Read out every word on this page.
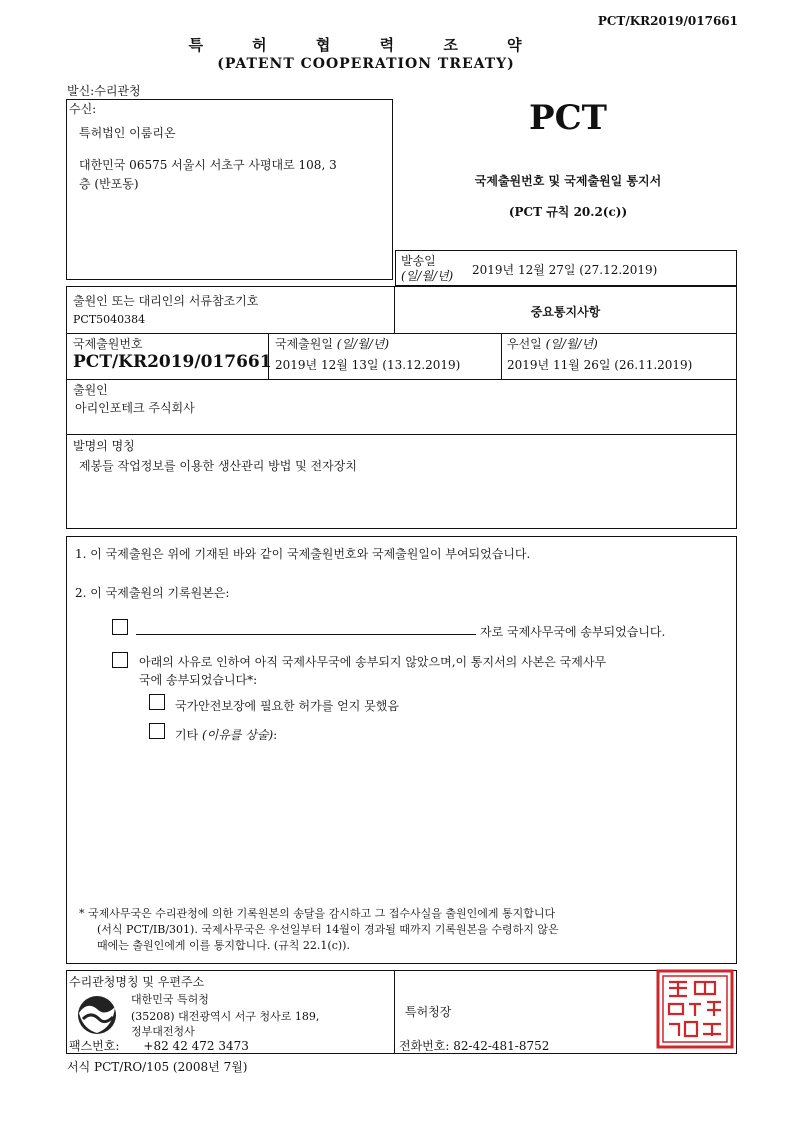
PCT/KR2019/017661
특 허 협 력 조 약
(PATENT COOPERATION TREATY)
발신:수리관청
수신:
특허법인 이룸리온
대한민국 06575 서울시 서초구 사평대로 108, 3
층 (반포동)
PCT
국제출원번호 및 국제출원일 통지서
(PCT 규칙 20.2(c))
발송일
(일/월/년) 2019년 12월 27일 (27.12.2019)
출원인 또는 대리인의 서류참조기호
PCT5040384
중요통지사항
국제출원번호
PCT/KR2019/017661
국제출원일 (일/월/년)
2019년 12월 13일 (13.12.2019)
우선일 (일/월/년)
2019년 11월 26일 (26.11.2019)
출원인
아리인포테크 주식회사
발명의 명칭
제봉들 작업정보를 이용한 생산관리 방법 및 전자장치
1. 이 국제출원은 위에 기재된 바와 같이 국제출원번호와 국제출원일이 부여되었습니다.
2. 이 국제출원의 기록원본은:
자로 국제사무국에 송부되었습니다.
아래의 사유로 인하여 아직 국제사무국에 송부되지 않았으며,이 통지서의 사본은 국제사무
국에 송부되었습니다*:
국가안전보장에 필요한 허가를 얻지 못했음
기타 (이유를 상술):
* 국제사무국은 수리관청에 의한 기록원본의 송달을 감시하고 그 접수사실을 출원인에게 통지합니다
(서식 PCT/IB/301). 국제사무국은 우선일부터 14월이 경과될 때까지 기록원본을 수령하지 않은
때에는 출원인에게 이를 통지합니다. (규칙 22.1(c)).
수리관청명칭 및 우편주소
대한민국 특허청
(35208) 대전광역시 서구 청사로 189,
정부대전청사
팩스번호: +82 42 472 3473
특허청장
전화번호: 82-42-481-8752
서식 PCT/RO/105 (2008년 7월)
